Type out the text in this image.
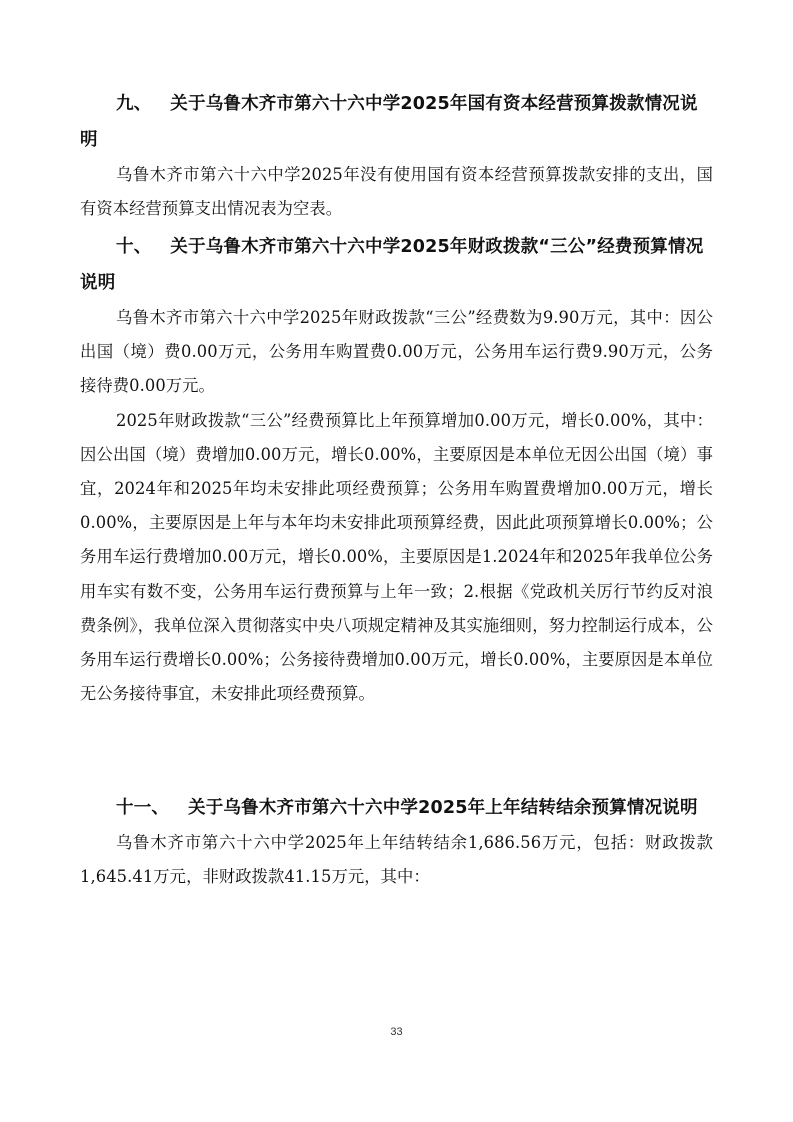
九、 关于乌鲁木齐市第六十六中学2025年国有资本经营预算拨款情况说明

乌鲁木齐市第六十六中学2025年没有使用国有资本经营预算拨款安排的支出，国有资本经营预算支出情况表为空表。

十、 关于乌鲁木齐市第六十六中学2025年财政拨款“三公”经费预算情况说明

乌鲁木齐市第六十六中学2025年财政拨款“三公”经费数为9.90万元，其中：因公出国（境）费0.00万元，公务用车购置费0.00万元，公务用车运行费9.90万元，公务接待费0.00万元。

2025年财政拨款“三公”经费预算比上年预算增加0.00万元，增长0.00%，其中：因公出国（境）费增加0.00万元，增长0.00%，主要原因是本单位无因公出国（境）事宜，2024年和2025年均未安排此项经费预算；公务用车购置费增加0.00万元，增长0.00%，主要原因是上年与本年均未安排此项预算经费，因此此项预算增长0.00%；公务用车运行费增加0.00万元，增长0.00%，主要原因是1.2024年和2025年我单位公务用车实有数不变，公务用车运行费预算与上年一致；2.根据《党政机关厉行节约反对浪费条例》，我单位深入贯彻落实中央八项规定精神及其实施细则，努力控制运行成本，公务用车运行费增长0.00%；公务接待费增加0.00万元，增长0.00%，主要原因是本单位无公务接待事宜，未安排此项经费预算。

十一、 关于乌鲁木齐市第六十六中学2025年上年结转结余预算情况说明

乌鲁木齐市第六十六中学2025年上年结转结余1,686.56万元，包括：财政拨款1,645.41万元，非财政拨款41.15万元，其中：

33
